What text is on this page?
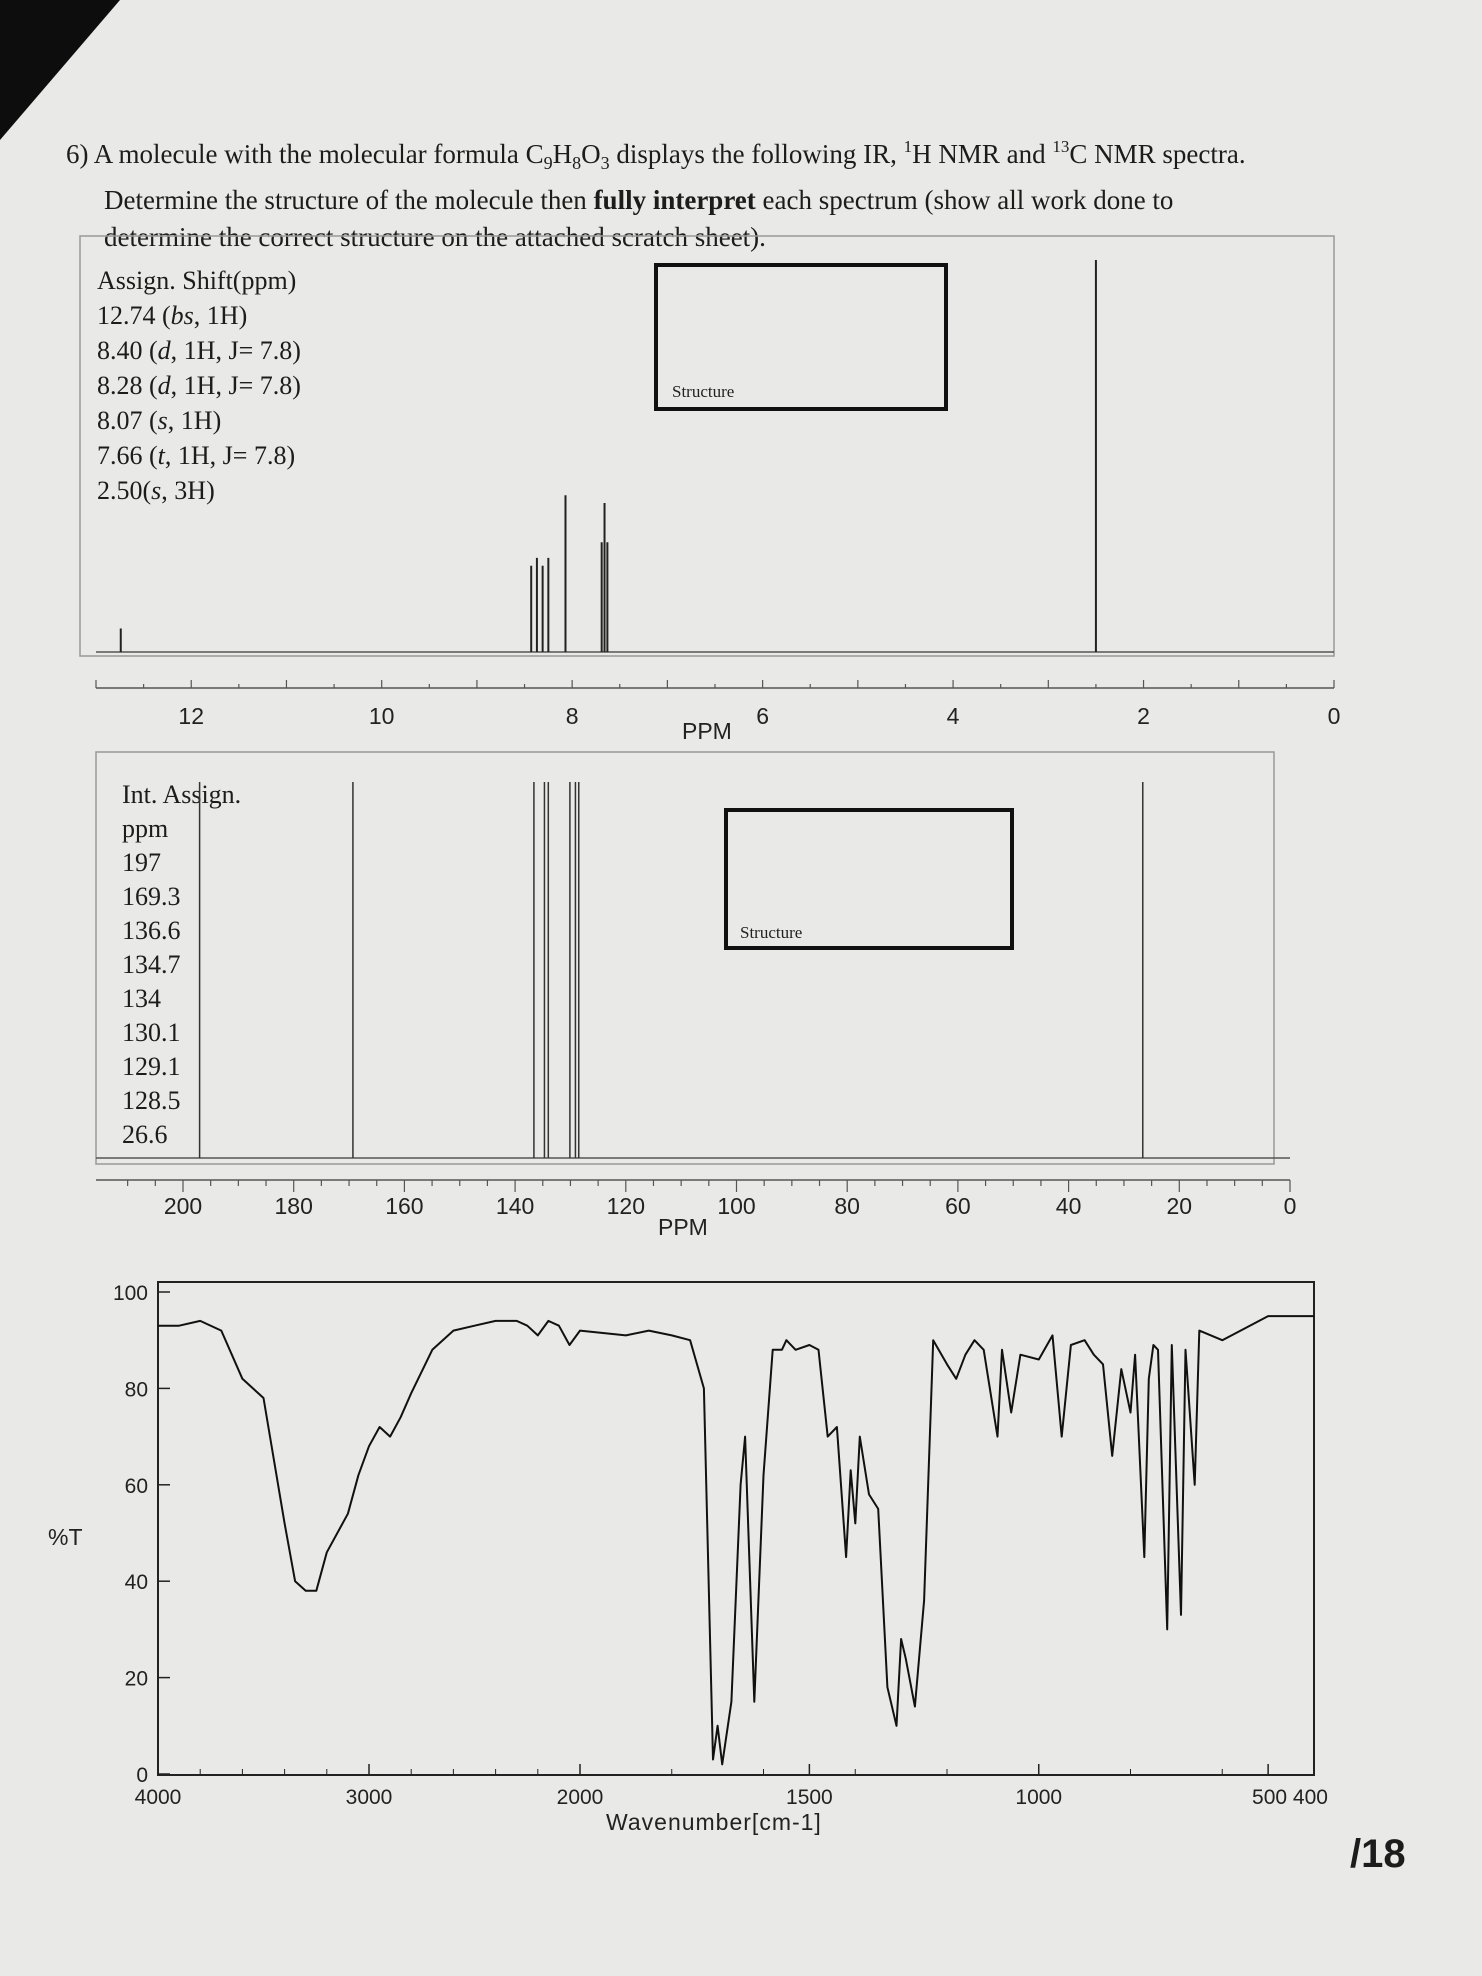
6) A molecule with the molecular formula $C_9H_8O_3$ displays the following IR, $^1$H NMR and $^{13}$C NMR spectra.
Determine the structure of the molecule then fully interpret each spectrum (show all work done to
determine the correct structure on the attached scratch sheet).
Assign. Shift(ppm)
12.74 (bs, 1H)
8.40 (d, 1H, J= 7.8)
8.28 (d, 1H, J= 7.8)
8.07 (s, 1H)
7.66 (t, 1H, J= 7.8)
2.50(s, 3H)
Int. Assign.
ppm
197
169.3
136.6
134.7
134
130.1
129.1
128.5
26.6
Structure
Structure
PPM
PPM
%T
Wavenumber[cm-1]
/18
12	10	8	6	4	2	0
200	180	160	140	120	100	80	60	40	20	0
100
80
60
40
20
0
4000	3000	2000	1500	1000	500 400
